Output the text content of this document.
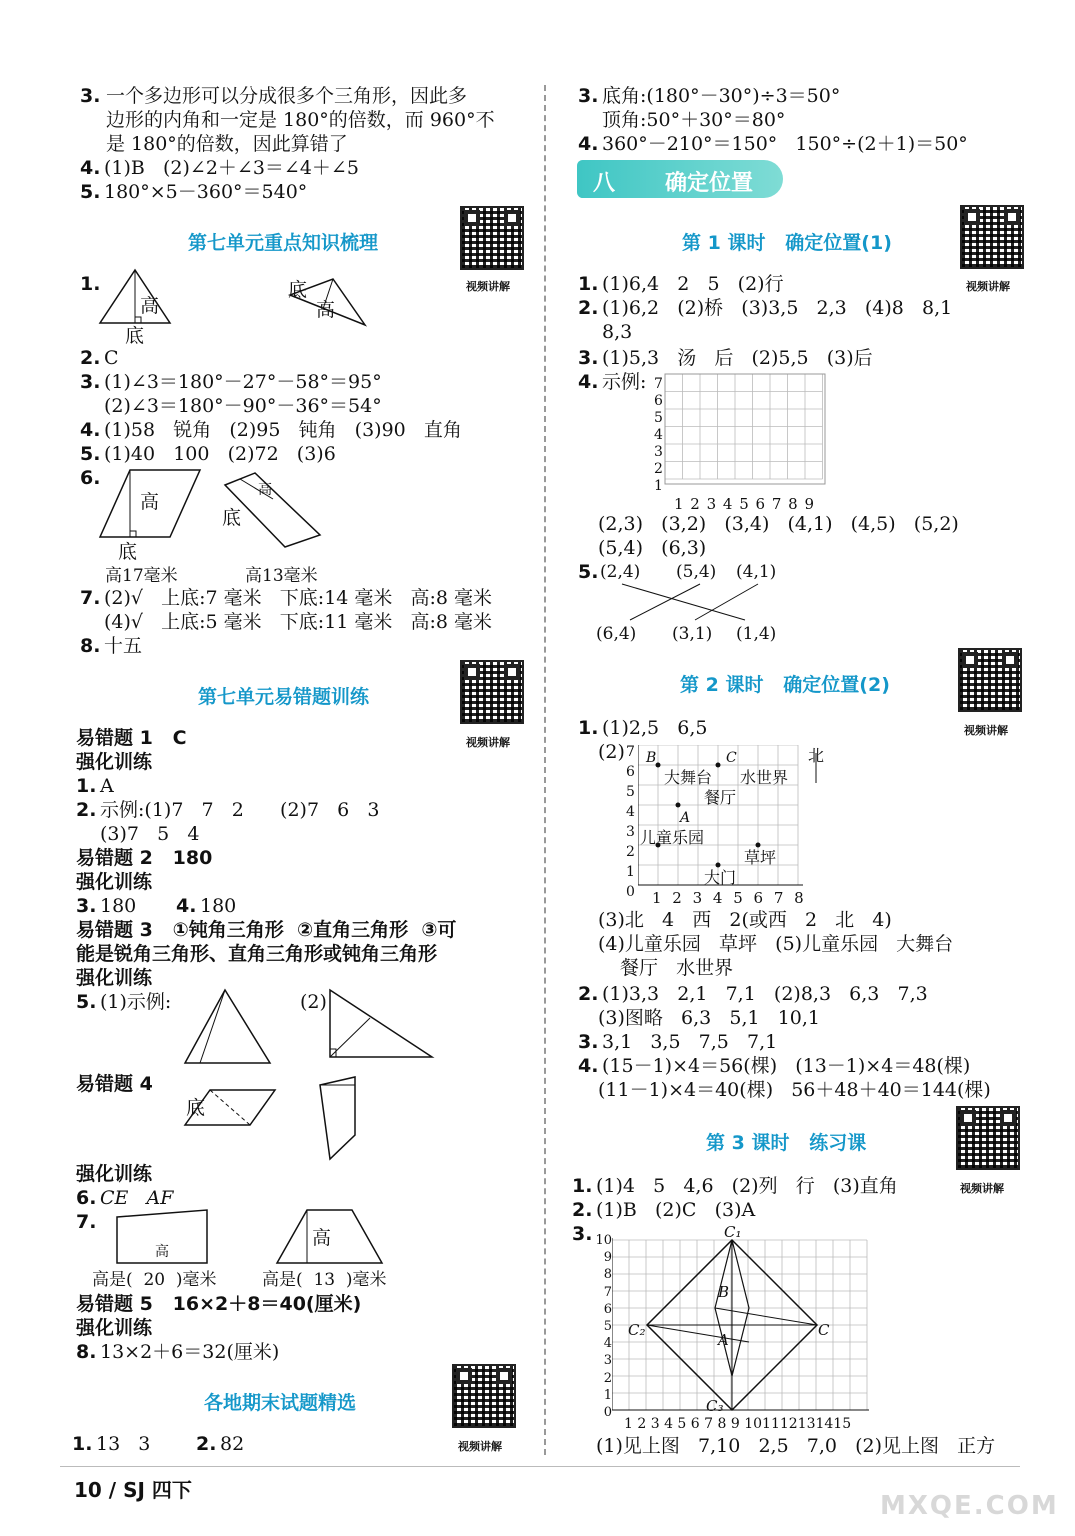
3. 一个多边形可以分成很多个三角形，因此多
边形的内角和一定是 180°的倍数，而 960°不
是 180°的倍数，因此算错了
4. (1)B   (2)∠2＋∠3＝∠4＋∠5
5. 180°×5－360°＝540°
第七单元重点知识梳理
视频讲解
1.
高
底
底
高
2. C
3. (1)∠3＝180°－27°－58°＝95°
(2)∠3＝180°－90°－36°＝54°
4. (1)58   锐角   (2)95   钝角   (3)90   直角
5. (1)40   100   (2)72   (3)6
6.
高
底
高
底
高17毫米	高13毫米
7. (2)√   上底:7 毫米   下底:14 毫米   高:8 毫米
(4)√   上底:5 毫米   下底:11 毫米   高:8 毫米
8. 十五
第七单元易错题训练
视频讲解
易错题 1   C
强化训练
1. A
2. 示例:(1)7   7   2      (2)7   6   3
(3)7   5   4
易错题 2   180
强化训练
3. 180 4. 180
易错题 3   ①钝角三角形  ②直角三角形  ③可
能是锐角三角形、直角三角形或钝角三角形
强化训练
5. (1)示例:	(2)
易错题 4
底
强化训练
6. CE   AF
7.
高
高
高是(  20  )毫米	高是(  13  )毫米
易错题 5   16×2＋8＝40(厘米)
强化训练
8. 13×2＋6＝32(厘米)
各地期末试题精选
视频讲解
1. 13   3 2. 82
3. 底角:(180°－30°)÷3＝50°
顶角:50°＋30°＝80°
4. 360°－210°＝150°   150°÷(2＋1)＝50°
八 确定位置
第 1 课时   确定位置(1)
视频讲解
1. (1)6,4   2   5   (2)行
2. (1)6,2   (2)桥   (3)3,5   2,3   (4)8   8,1
8,3
3. (1)5,3   汤   后   (2)5,5   (3)后
4. 示例: 7
6
5
4
3
2
1
1 2 3 4 5 6 7 8 9
(2,3)   (3,2)   (3,4)   (4,1)   (4,5)   (5,2)
(5,4)   (6,3)
5. (2,4) (5,4) (4,1)
(6,4) (3,1) (1,4)
第 2 课时   确定位置(2)
视频讲解
1. (1)2,5   6,5
(2) 7
6
5
4
3
2
1
0 1 2 3 4 5 6 7 8
北
B	C
A
大舞台 水世界
餐厅
儿童乐园
草坪
大门
(3)北   4   西   2(或西   2   北   4)
(4)儿童乐园   草坪   (5)儿童乐园   大舞台
餐厅   水世界
2. (1)3,3   2,1   7,1   (2)8,3   6,3   7,3
(3)图略   6,3   5,1   10,1
3. 3,1   3,5   7,5   7,1
4. (15－1)×4＝56(棵)   (13－1)×4＝48(棵)
(11－1)×4＝40(棵)   56＋48＋40＝144(棵)
第 3 课时   练习课
视频讲解
1. (1)4   5   4,6   (2)列   行   (3)直角
2. (1)B   (2)C   (3)A
3. 10
9
8
7
6
5
4
3
2
1
0
1 2 3 4 5 6 7 8 9 101112131415
C₁
C₂
C₃
C
B
A
(1)见上图   7,10   2,5   7,0   (2)见上图   正方
10 / SJ 四下
MXQE.COM
